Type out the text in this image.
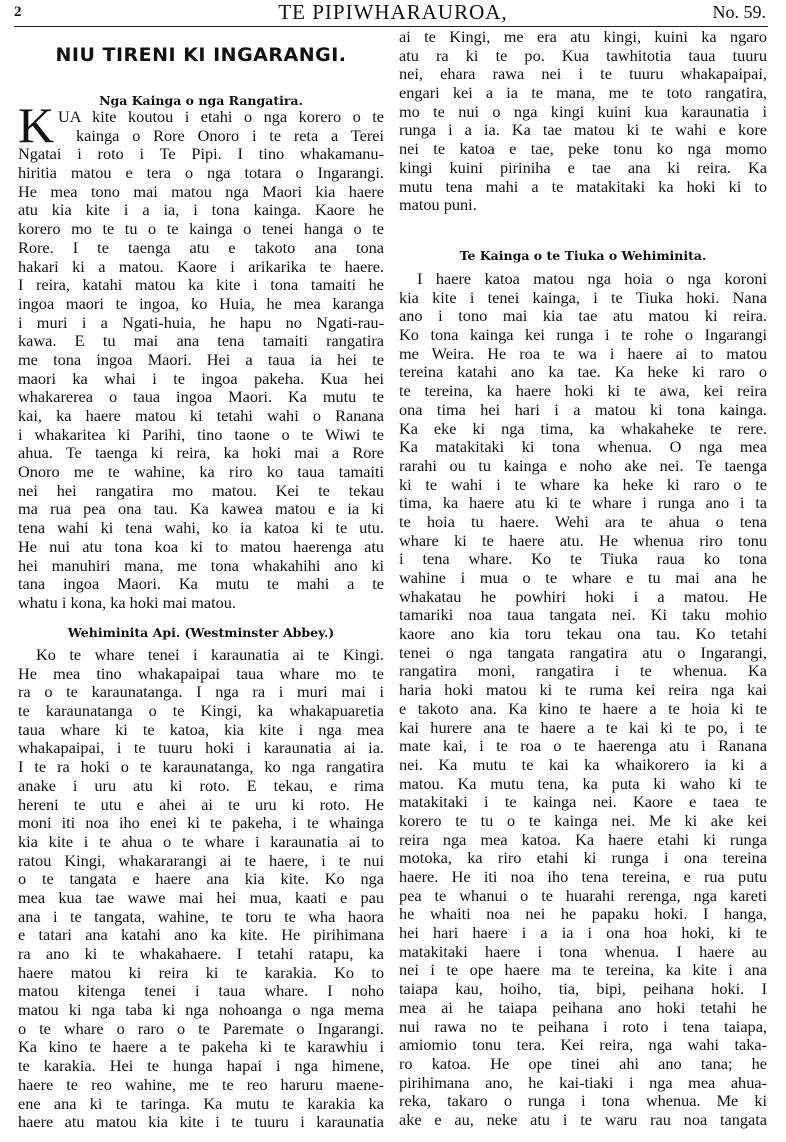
2	TE PIPIWHARAUROA,	No. 59.
NIU TIRENI KI INGARANGI.
Nga Kainga o nga Rangatira.
K UA kite koutou i etahi o nga korero o te
kainga o Rore Onoro i te reta a Terei
Ngatai i roto i Te Pipi. I tino whakamanu-
hiritia matou e tera o nga totara o Ingarangi.
He mea tono mai matou nga Maori kia haere
atu kia kite i a ia, i tona kainga. Kaore he
korero mo te tu o te kainga o tenei hanga o te
Rore. I te taenga atu e takoto ana tona
hakari ki a matou. Kaore i arikarika te haere.
I reira, katahi matou ka kite i tona tamaiti he
ingoa maori te ingoa, ko Huia, he mea karanga
i muri i a Ngati-huia, he hapu no Ngati-rau-
kawa. E tu mai ana tena tamaiti rangatira
me tona ingoa Maori. Hei a taua ia hei te
maori ka whai i te ingoa pakeha. Kua hei
whakarerea o taua ingoa Maori. Ka mutu te
kai, ka haere matou ki tetahi wahi o Ranana
i whakaritea ki Parihi, tino taone o te Wiwi te
ahua. Te taenga ki reira, ka hoki mai a Rore
Onoro me te wahine, ka riro ko taua tamaiti
nei hei rangatira mo matou. Kei te tekau
ma rua pea ona tau. Ka kawea matou e ia ki
tena wahi ki tena wahi, ko ia katoa ki te utu.
He nui atu tona koa ki to matou haerenga atu
hei manuhiri mana, me tona whakahihi ano ki
tana ingoa Maori. Ka mutu te mahi a te
whatu i kona, ka hoki mai matou.
Wehiminita Api. (Westminster Abbey.)
Ko te whare tenei i karaunatia ai te Kingi.
He mea tino whakapaipai taua whare mo te
ra o te karaunatanga. I nga ra i muri mai i
te karaunatanga o te Kingi, ka whakapuaretia
taua whare ki te katoa, kia kite i nga mea
whakapaipai, i te tuuru hoki i karaunatia ai ia.
I te ra hoki o te karaunatanga, ko nga rangatira
anake i uru atu ki roto. E tekau, e rima
hereni te utu e ahei ai te uru ki roto. He
moni iti noa iho enei ki te pakeha, i te whainga
kia kite i te ahua o te whare i karaunatia ai to
ratou Kingi, whakararangi ai te haere, i te nui
o te tangata e haere ana kia kite. Ko nga
mea kua tae wawe mai hei mua, kaati e pau
ana i te tangata, wahine, te toru te wha haora
e tatari ana katahi ano ka kite. He pirihimana
ra ano ki te whakahaere. I tetahi ratapu, ka
haere matou ki reira ki te karakia. Ko to
matou kitenga tenei i taua whare. I noho
matou ki nga taba ki nga nohoanga o nga mema
o te whare o raro o te Paremate o Ingarangi.
Ka kino te haere a te pakeha ki te karawhiu i
te karakia. Hei te hunga hapai i nga himene,
haere te reo wahine, me te reo haruru maene-
ene ana ki te taringa. Ka mutu te karakia ka
haere atu matou kia kite i te tuuru i karaunatia
ai te Kingi, me era atu kingi, kuini ka ngaro
atu ra ki te po. Kua tawhitotia taua tuuru
nei, ehara rawa nei i te tuuru whakapaipai,
engari kei a ia te mana, me te toto rangatira,
mo te nui o nga kingi kuini kua karaunatia i
runga i a ia. Ka tae matou ki te wahi e kore
nei te katoa e tae, peke tonu ko nga momo
kingi kuini piriniha e tae ana ki reira. Ka
mutu tena mahi a te matakitaki ka hoki ki to
matou puni.
Te Kainga o te Tiuka o Wehiminita.
I haere katoa matou nga hoia o nga koroni
kia kite i tenei kainga, i te Tiuka hoki. Nana
ano i tono mai kia tae atu matou ki reira.
Ko tona kainga kei runga i te rohe o Ingarangi
me Weira. He roa te wa i haere ai to matou
tereina katahi ano ka tae. Ka heke ki raro o
te tereina, ka haere hoki ki te awa, kei reira
ona tima hei hari i a matou ki tona kainga.
Ka eke ki nga tima, ka whakaheke te rere.
Ka matakitaki ki tona whenua. O nga mea
rarahi ou tu kainga e noho ake nei. Te taenga
ki te wahi i te whare ka heke ki raro o te
tima, ka haere atu ki te whare i runga ano i ta
te hoia tu haere. Wehi ara te ahua o tena
whare ki te haere atu. He whenua riro tonu
i tena whare. Ko te Tiuka raua ko tona
wahine i mua o te whare e tu mai ana he
whakatau he powhiri hoki i a matou. He
tamariki noa taua tangata nei. Ki taku mohio
kaore ano kia toru tekau ona tau. Ko tetahi
tenei o nga tangata rangatira atu o Ingarangi,
rangatira moni, rangatira i te whenua. Ka
haria hoki matou ki te ruma kei reira nga kai
e takoto ana. Ka kino te haere a te hoia ki te
kai hurere ana te haere a te kai ki te po, i te
mate kai, i te roa o te haerenga atu i Ranana
nei. Ka mutu te kai ka whaikorero ia ki a
matou. Ka mutu tena, ka puta ki waho ki te
matakitaki i te kainga nei. Kaore e taea te
korero te tu o te kainga nei. Me ki ake kei
reira nga mea katoa. Ka haere etahi ki runga
motoka, ka riro etahi ki runga i ona tereina
haere. He iti noa iho tena tereina, e rua putu
pea te whanui o te huarahi rerenga, nga kareti
he whaiti noa nei he papaku hoki. I hanga,
hei hari haere i a ia i ona hoa hoki, ki te
matakitaki haere i tona whenua. I haere au
nei i te ope haere ma te tereina, ka kite i ana
taiapa kau, hoiho, tia, bipi, peihana hoki. I
mea ai he taiapa peihana ano hoki tetahi he
nui rawa no te peihana i roto i tena taiapa,
amiomio tonu tera. Kei reira, nga wahi taka-
ro katoa. He ope tinei ahi ano tana; he
pirihimana ano, he kai-tiaki i nga mea ahua-
reka, takaro o runga i tona whenua. Me ki
ake e au, neke atu i te waru rau noa tangata
